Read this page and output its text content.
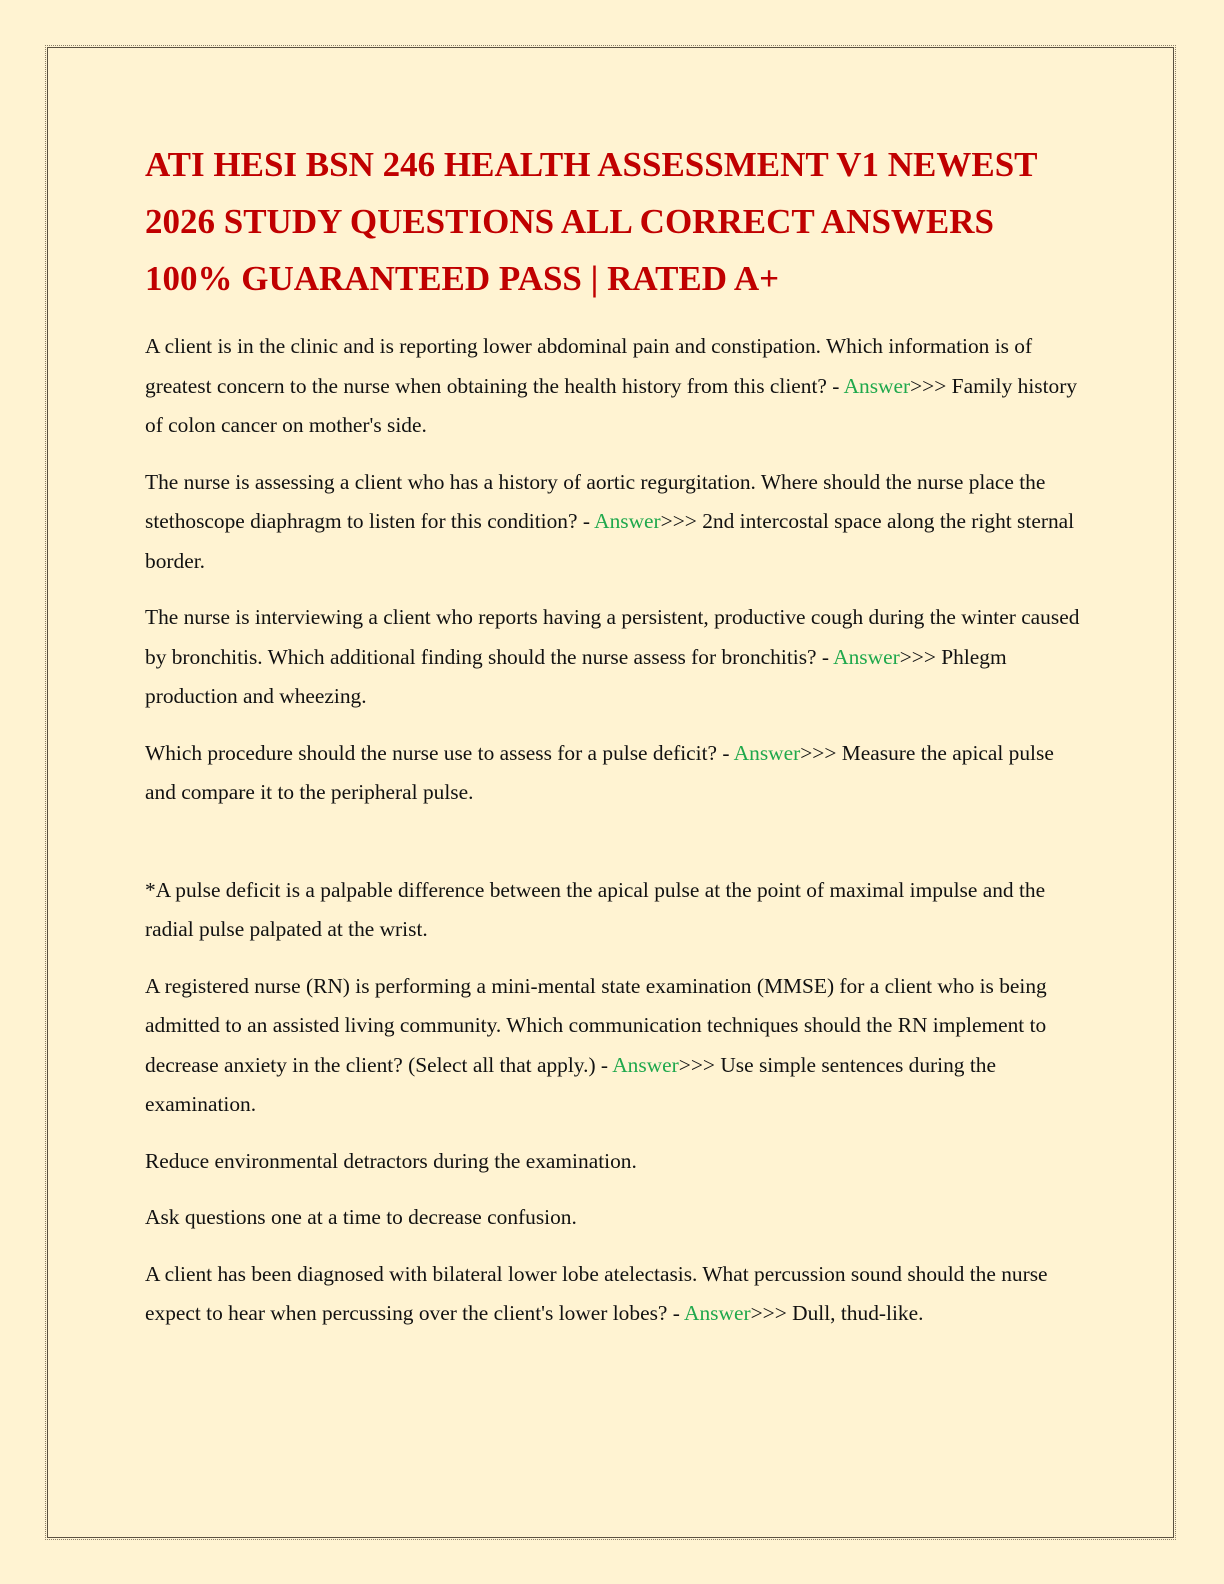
ATI HESI BSN 246 HEALTH ASSESSMENT V1 NEWEST 2026 STUDY QUESTIONS ALL CORRECT ANSWERS 100% GUARANTEED PASS | RATED A+

A client is in the clinic and is reporting lower abdominal pain and constipation. Which information is of greatest concern to the nurse when obtaining the health history from this client? - Answer>>> Family history of colon cancer on mother's side.

The nurse is assessing a client who has a history of aortic regurgitation. Where should the nurse place the stethoscope diaphragm to listen for this condition? - Answer>>> 2nd intercostal space along the right sternal border.

The nurse is interviewing a client who reports having a persistent, productive cough during the winter caused by bronchitis. Which additional finding should the nurse assess for bronchitis? - Answer>>> Phlegm production and wheezing.

Which procedure should the nurse use to assess for a pulse deficit? - Answer>>> Measure the apical pulse and compare it to the peripheral pulse.

*A pulse deficit is a palpable difference between the apical pulse at the point of maximal impulse and the radial pulse palpated at the wrist.

A registered nurse (RN) is performing a mini-mental state examination (MMSE) for a client who is being admitted to an assisted living community. Which communication techniques should the RN implement to decrease anxiety in the client? (Select all that apply.) - Answer>>> Use simple sentences during the examination.

Reduce environmental detractors during the examination.

Ask questions one at a time to decrease confusion.

A client has been diagnosed with bilateral lower lobe atelectasis. What percussion sound should the nurse expect to hear when percussing over the client's lower lobes? - Answer>>> Dull, thud-like.
